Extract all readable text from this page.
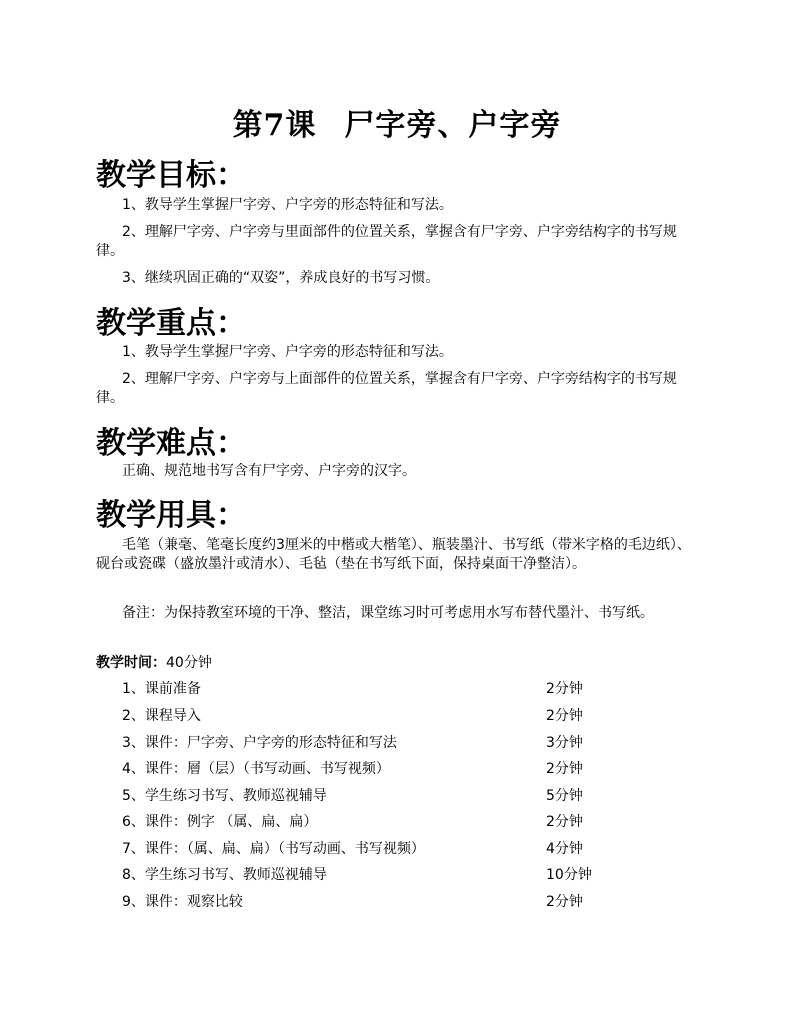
第7课 尸字旁、户字旁
教学目标：
1、教导学生掌握尸字旁、户字旁的形态特征和写法。
2、理解尸字旁、户字旁与里面部件的位置关系，掌握含有尸字旁、户字旁结构字的书写规律。
3、继续巩固正确的“双姿”，养成良好的书写习惯。
教学重点：
1、教导学生掌握尸字旁、户字旁的形态特征和写法。
2、理解尸字旁、户字旁与上面部件的位置关系，掌握含有尸字旁、户字旁结构字的书写规律。
教学难点：
正确、规范地书写含有尸字旁、户字旁的汉字。
教学用具：
毛笔（兼毫、笔毫长度约3厘米的中楷或大楷笔）、瓶装墨汁、书写纸（带米字格的毛边纸）、砚台或瓷碟（盛放墨汁或清水）、毛毡（垫在书写纸下面，保持桌面干净整洁）。
备注：为保持教室环境的干净、整洁，课堂练习时可考虑用水写布替代墨汁、书写纸。
教学时间：40分钟
1、课前准备	2分钟
2、课程导入	2分钟
3、课件：尸字旁、户字旁的形态特征和写法	3分钟
4、课件：層（层）（书写动画、书写视频）	2分钟
5、学生练习书写、教师巡视辅导	5分钟
6、课件：例字 （属、扁、扁）	2分钟
7、课件：（属、扁、扁）（书写动画、书写视频）	4分钟
8、学生练习书写、教师巡视辅导	10分钟
9、课件：观察比较	2分钟
